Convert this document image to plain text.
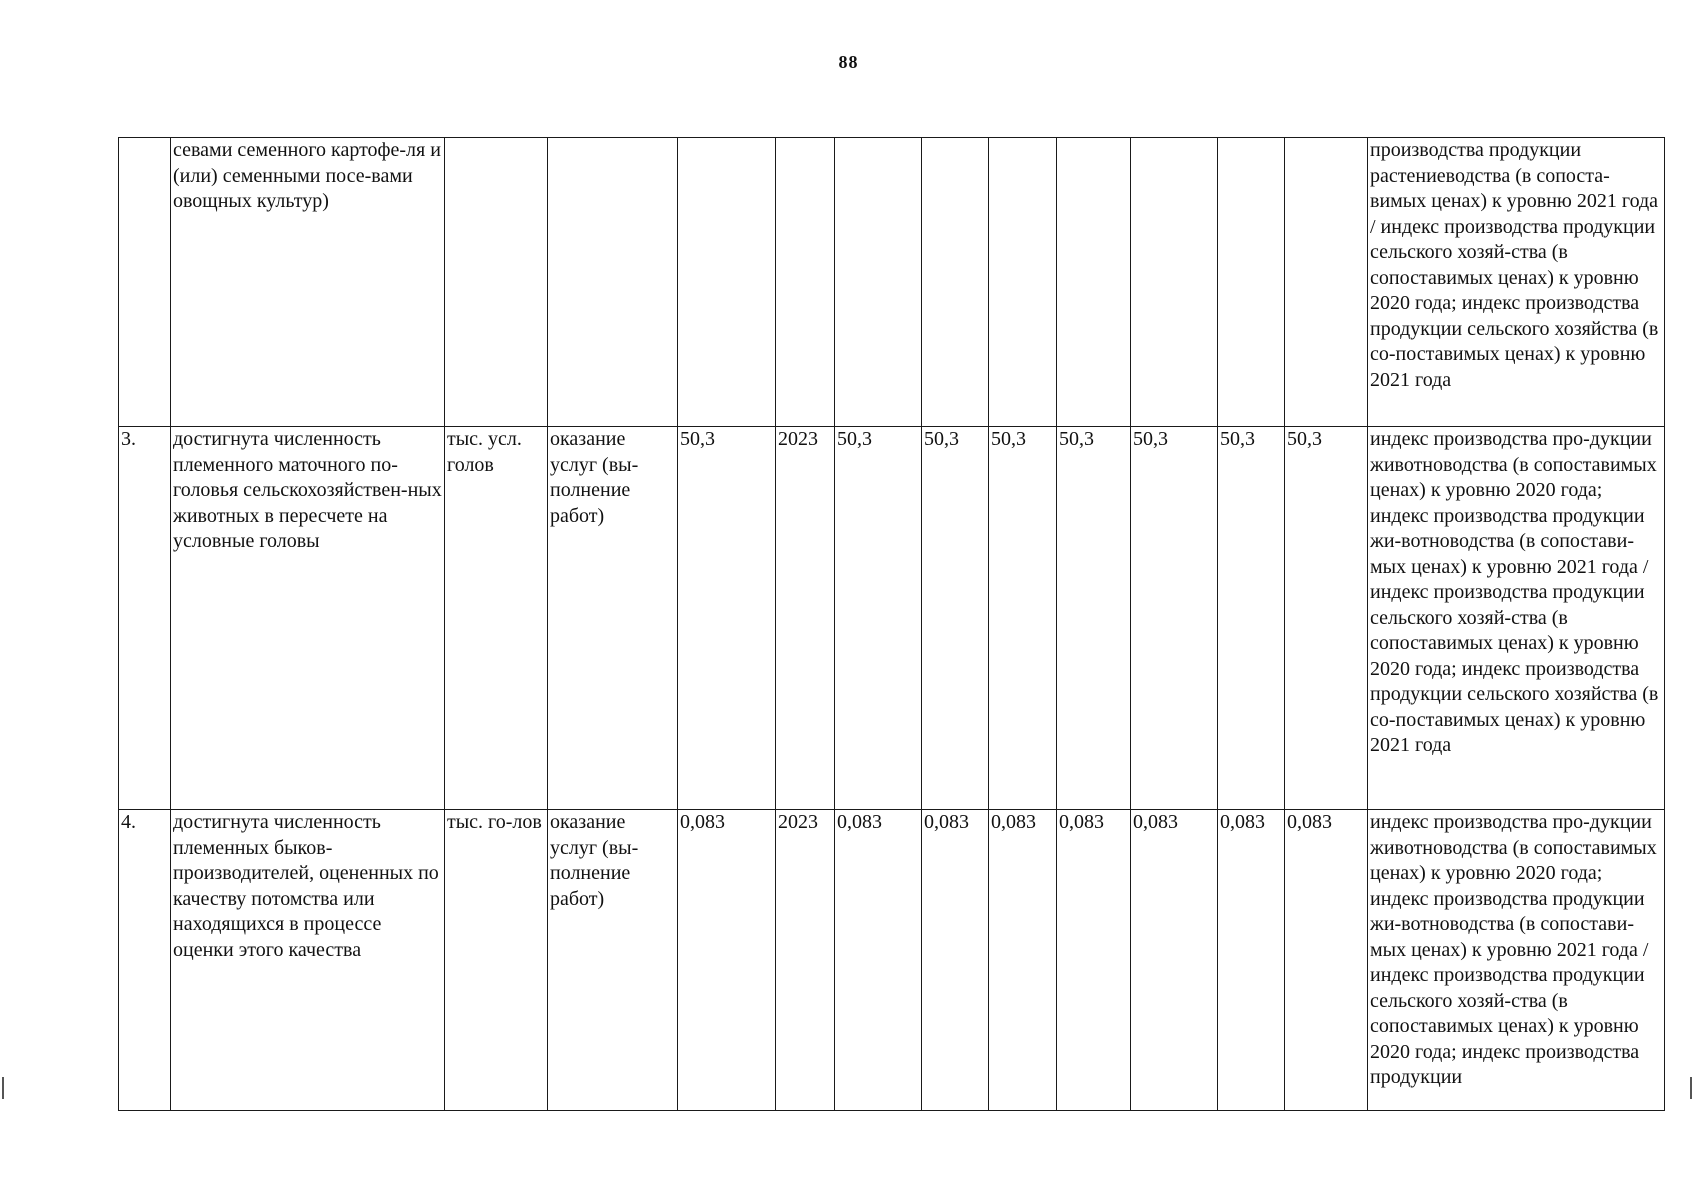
88
	севами семенного картофе-ля и (или) семенными посе-вами овощных культур)												производства продукции растениеводства (в сопоста-вимых ценах) к уровню 2021 года / индекс производства продукции сельского хозяй-ства (в сопоставимых ценах) к уровню 2020 года; индекс производства продукции сельского хозяйства (в со-поставимых ценах) к уровню 2021 года
3.	достигнута численность племенного маточного по-головья сельскохозяйствен-ных животных в пересчете на условные головы	тыс. усл. голов	оказание услуг (вы-полнение работ)	50,3	2023	50,3	50,3	50,3	50,3	50,3	50,3	50,3	индекс производства про-дукции животноводства (в сопоставимых ценах) к уровню 2020 года; индекс производства продукции жи-вотноводства (в сопостави-мых ценах) к уровню 2021 года / индекс производства продукции сельского хозяй-ства (в сопоставимых ценах) к уровню 2020 года; индекс производства продукции сельского хозяйства (в со-поставимых ценах) к уровню 2021 года
4.	достигнута численность племенных быков-производителей, оцененных по качеству потомства или находящихся в процессе оценки этого качества	тыс. го-лов	оказание услуг (вы-полнение работ)	0,083	2023	0,083	0,083	0,083	0,083	0,083	0,083	0,083	индекс производства про-дукции животноводства (в сопоставимых ценах) к уровню 2020 года; индекс производства продукции жи-вотноводства (в сопостави-мых ценах) к уровню 2021 года / индекс производства продукции сельского хозяй-ства (в сопоставимых ценах) к уровню 2020 года; индекс производства продукции
